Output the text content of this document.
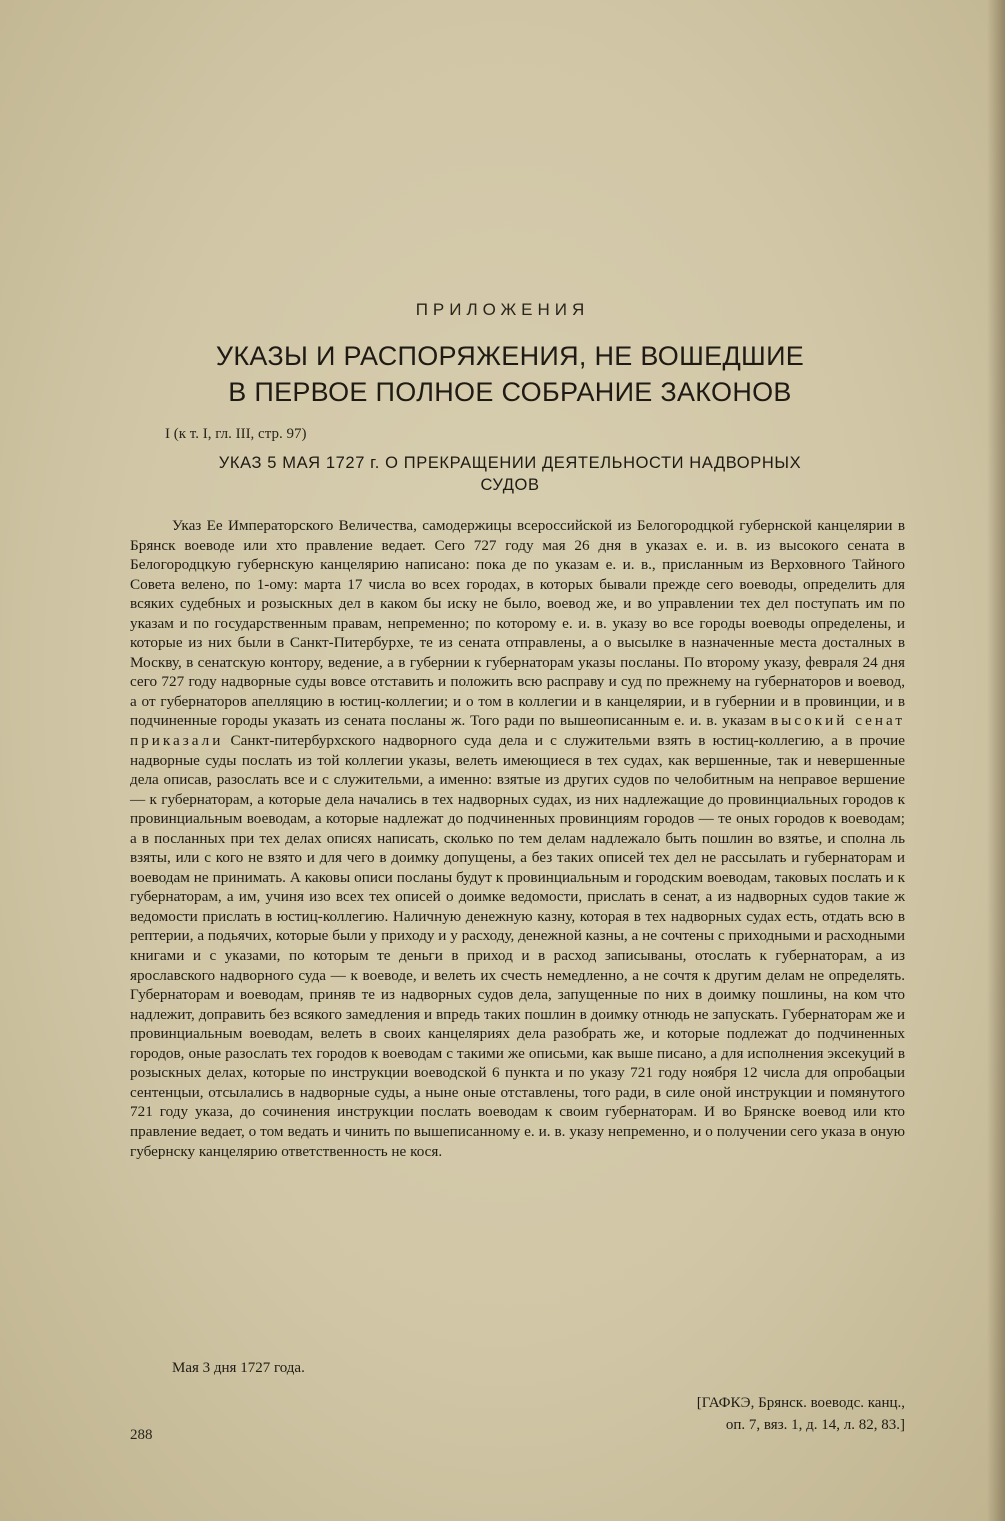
ПРИЛОЖЕНИЯ
УКАЗЫ И РАСПОРЯЖЕНИЯ, НЕ ВОШЕДШИЕ
В ПЕРВОЕ ПОЛНОЕ СОБРАНИЕ ЗАКОНОВ
I (к т. I, гл. III, стр. 97)
УКАЗ 5 МАЯ 1727 г. О ПРЕКРАЩЕНИИ ДЕЯТЕЛЬНОСТИ НАДВОРНЫХ
СУДОВ

Указ Ее Императорского Величества, самодержицы всероссийской из Белогородцкой губернской канцелярии в Брянск воеводе или хто правление ведает. Сего 727 году мая 26 дня в указах е. и. в. из высокого сената в Белогородцкую губернскую канцелярию написано: пока де по указам е. и. в., присланным из Верховного Тайного Совета велено, по 1-ому: марта 17 числа во всех городах, в которых бывали прежде сего воеводы, определить для всяких судебных и розыскных дел в каком бы иску не было, воевод же, и во управлении тех дел поступать им по указам и по государственным правам, непременно; по которому е. и. в. указу во все городы воеводы определены, и которые из них были в Санкт-Питербурхе, те из сената отправлены, а о высылке в назначенные места досталных в Москву, в сенатскую контору, ведение, а в губернии к губернаторам указы посланы. По второму указу, февраля 24 дня сего 727 году надворные суды вовсе отставить и положить всю расправу и суд по прежнему на губернаторов и воевод, а от губернаторов апелляцию в юстиц-коллегии; и о том в коллегии и в канцелярии, и в губернии и в провинции, и в подчиненные городы указать из сената посланы ж. Того ради по вышеописанным е. и. в. указам высокий сенат приказали Санкт-питербурхского надворного суда дела и с служительми взять в юстиц-коллегию, а в прочие надворные суды послать из той коллегии указы, велеть имеющиеся в тех судах, как вершенные, так и невершенные дела описав, разослать все и с служительми, а именно: взятые из других судов по челобитным на неправое вершение — к губернаторам, а которые дела начались в тех надворных судах, из них надлежащие до провинциальных городов к провинциальным воеводам, а которые надлежат до подчиненных провинциям городов — те оных городов к воеводам; а в посланных при тех делах описях написать, сколько по тем делам надлежало быть пошлин во взятье, и сполна ль взяты, или с кого не взято и для чего в доимку допущены, а без таких описей тех дел не рассылать и губернаторам и воеводам не принимать. А каковы описи посланы будут к провинциальным и городским воеводам, таковых послать и к губернаторам, а им, учиня изо всех тех описей о доимке ведомости, прислать в сенат, а из надворных судов такие ж ведомости прислать в юстиц-коллегию. Наличную денежную казну, которая в тех надворных судах есть, отдать всю в рептерии, а подьячих, которые были у приходу и у расходу, денежной казны, а не сочтены с приходными и расходными книгами и с указами, по которым те деньги в приход и в расход записываны, отослать к губернаторам, а из ярославского надворного суда — к воеводе, и велеть их счесть немедленно, а не сочтя к другим делам не определять. Губернаторам и воеводам, приняв те из надворных судов дела, запущенные по них в доимку пошлины, на ком что надлежит, доправить без всякого замедления и впредь таких пошлин в доимку отнюдь не запускать. Губернаторам же и провинциальным воеводам, велеть в своих канцеляриях дела разобрать же, и которые подлежат до подчиненных городов, оные разослать тех городов к воеводам с такими же описьми, как выше писано, а для исполнения эксекуций в розыскных делах, которые по инструкции воеводской 6 пункта и по указу 721 году ноября 12 числа для опробацыи сентенцыи, отсылались в надворные суды, а ныне оные отставлены, того ради, в силе оной инструкции и помянутого 721 году указа, до сочинения инструкции послать воеводам к своим губернаторам. И во Брянске воевод или кто правление ведает, о том ведать и чинить по вышеписанному е. и. в. указу непременно, и о получении сего указа в оную губернску канцелярию ответственность не кося.

Мая 3 дня 1727 года.
[ГАФКЭ, Брянск. воеводс. канц.,
оп. 7, вяз. 1, д. 14, л. 82, 83.]
288
